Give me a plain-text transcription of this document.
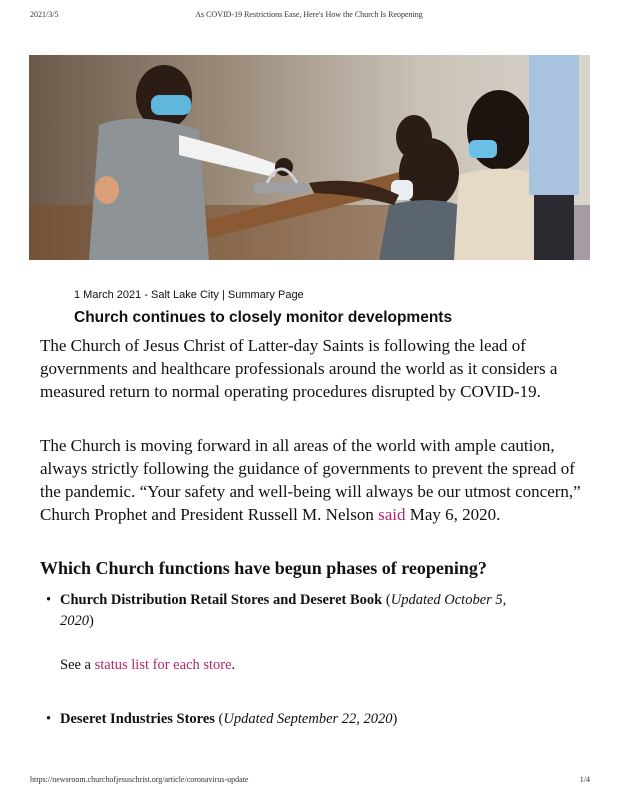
2021/3/5	As COVID-19 Restrictions Ease, Here's How the Church Is Reopening
1 March 2021 - Salt Lake City | Summary Page
Church continues to closely monitor developments

The Church of Jesus Christ of Latter-day Saints is following the lead of governments and healthcare professionals around the world as it considers a measured return to normal operating procedures disrupted by COVID-19.

The Church is moving forward in all areas of the world with ample caution, always strictly following the guidance of governments to prevent the spread of the pandemic. “Your safety and well-being will always be our utmost concern,” Church Prophet and President Russell M. Nelson said May 6, 2020.

Which Church functions have begun phases of reopening?
• Church Distribution Retail Stores and Deseret Book (Updated October 5, 2020)

See a status list for each store.

• Deseret Industries Stores (Updated September 22, 2020)
https://newsroom.churchofjesuschrist.org/article/coronavirus-update	1/4
